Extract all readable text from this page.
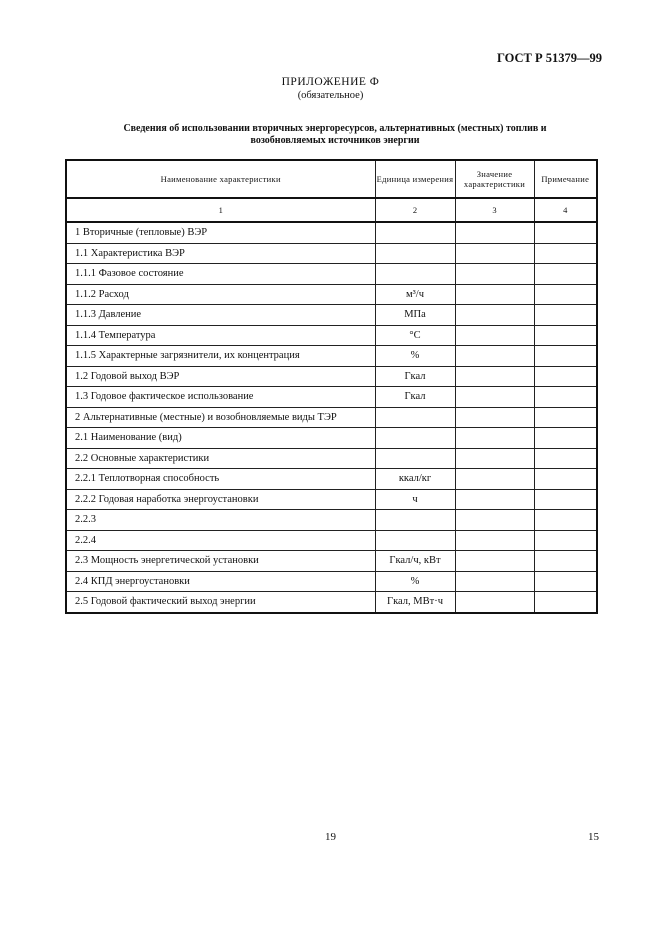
ГОСТ Р 51379—99
ПРИЛОЖЕНИЕ Ф
(обязательное)
Сведения об использовании вторичных энергоресурсов, альтернативных (местных) топлив и
возобновляемых источников энергии
Наименование характеристики	Единица измерения	Значение характеристики	Примечание
1	2	3	4
1 Вторичные (тепловые) ВЭР			
1.1 Характеристика ВЭР			
1.1.1 Фазовое состояние			
1.1.2 Расход	м³/ч		
1.1.3 Давление	МПа		
1.1.4 Температура	°С		
1.1.5 Характерные загрязнители, их концентрация	%		
1.2 Годовой выход ВЭР	Гкал		
1.3 Годовое фактическое использование	Гкал		
2 Альтернативные (местные) и возобновляемые виды ТЭР			
2.1 Наименование (вид)			
2.2 Основные характеристики			
2.2.1 Теплотворная способность	ккал/кг		
2.2.2 Годовая наработка энергоустановки	ч		
2.2.3			
2.2.4			
2.3 Мощность энергетической установки	Гкал/ч, кВт		
2.4 КПД энергоустановки	%		
2.5 Годовой фактический выход энергии	Гкал, МВт·ч		
19	15
